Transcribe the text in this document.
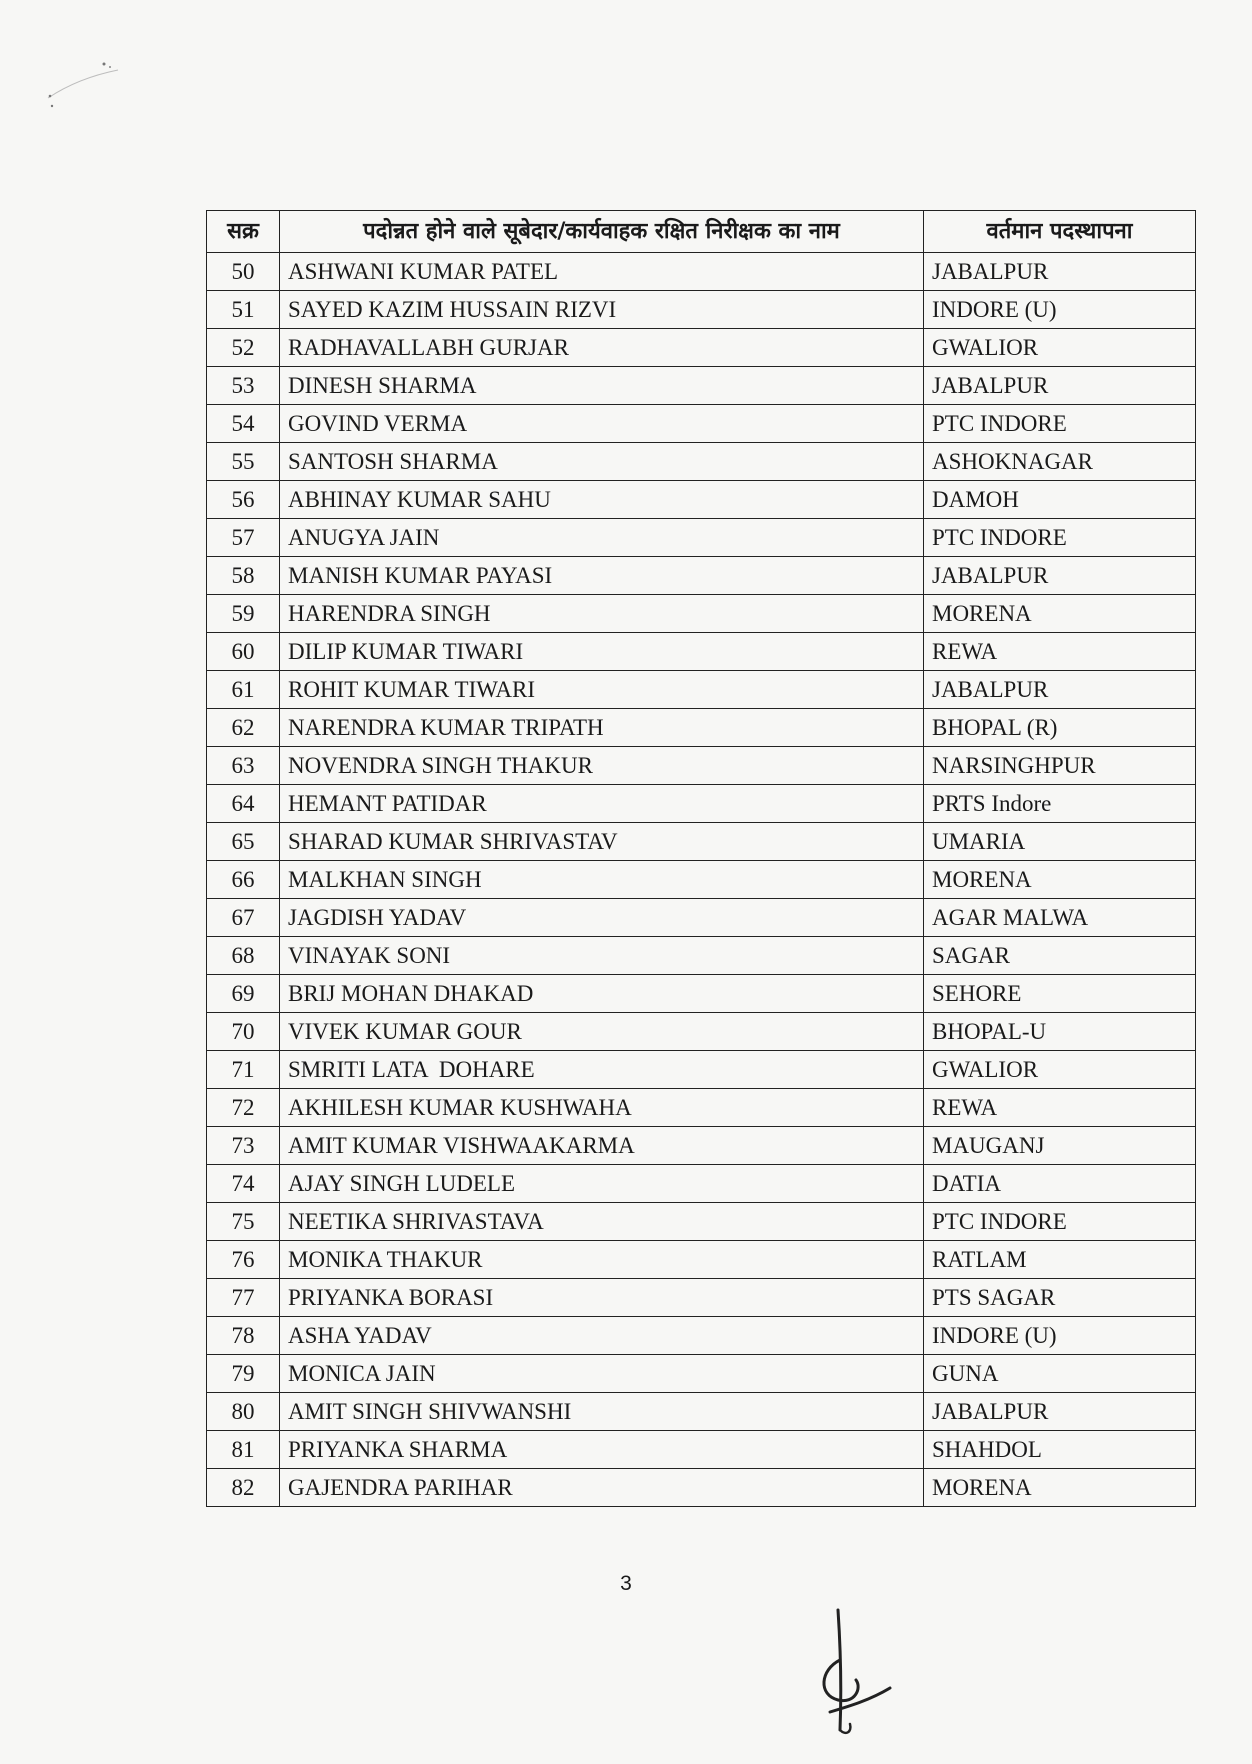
सक्र	पदोन्नत होने वाले सूबेदार/कार्यवाहक रक्षित निरीक्षक का नाम	वर्तमान पदस्थापना
50	ASHWANI KUMAR PATEL	JABALPUR
51	SAYED KAZIM HUSSAIN RIZVI	INDORE (U)
52	RADHAVALLABH GURJAR	GWALIOR
53	DINESH SHARMA	JABALPUR
54	GOVIND VERMA	PTC INDORE
55	SANTOSH SHARMA	ASHOKNAGAR
56	ABHINAY KUMAR SAHU	DAMOH
57	ANUGYA JAIN	PTC INDORE
58	MANISH KUMAR PAYASI	JABALPUR
59	HARENDRA SINGH	MORENA
60	DILIP KUMAR TIWARI	REWA
61	ROHIT KUMAR TIWARI	JABALPUR
62	NARENDRA KUMAR TRIPATH	BHOPAL (R)
63	NOVENDRA SINGH THAKUR	NARSINGHPUR
64	HEMANT PATIDAR	PRTS Indore
65	SHARAD KUMAR SHRIVASTAV	UMARIA
66	MALKHAN SINGH	MORENA
67	JAGDISH YADAV	AGAR MALWA
68	VINAYAK SONI	SAGAR
69	BRIJ MOHAN DHAKAD	SEHORE
70	VIVEK KUMAR GOUR	BHOPAL-U
71	SMRITI LATA  DOHARE	GWALIOR
72	AKHILESH KUMAR KUSHWAHA	REWA
73	AMIT KUMAR VISHWAAKARMA	MAUGANJ
74	AJAY SINGH LUDELE	DATIA
75	NEETIKA SHRIVASTAVA	PTC INDORE
76	MONIKA THAKUR	RATLAM
77	PRIYANKA BORASI	PTS SAGAR
78	ASHA YADAV	INDORE (U)
79	MONICA JAIN	GUNA
80	AMIT SINGH SHIVWANSHI	JABALPUR
81	PRIYANKA SHARMA	SHAHDOL
82	GAJENDRA PARIHAR	MORENA
3
